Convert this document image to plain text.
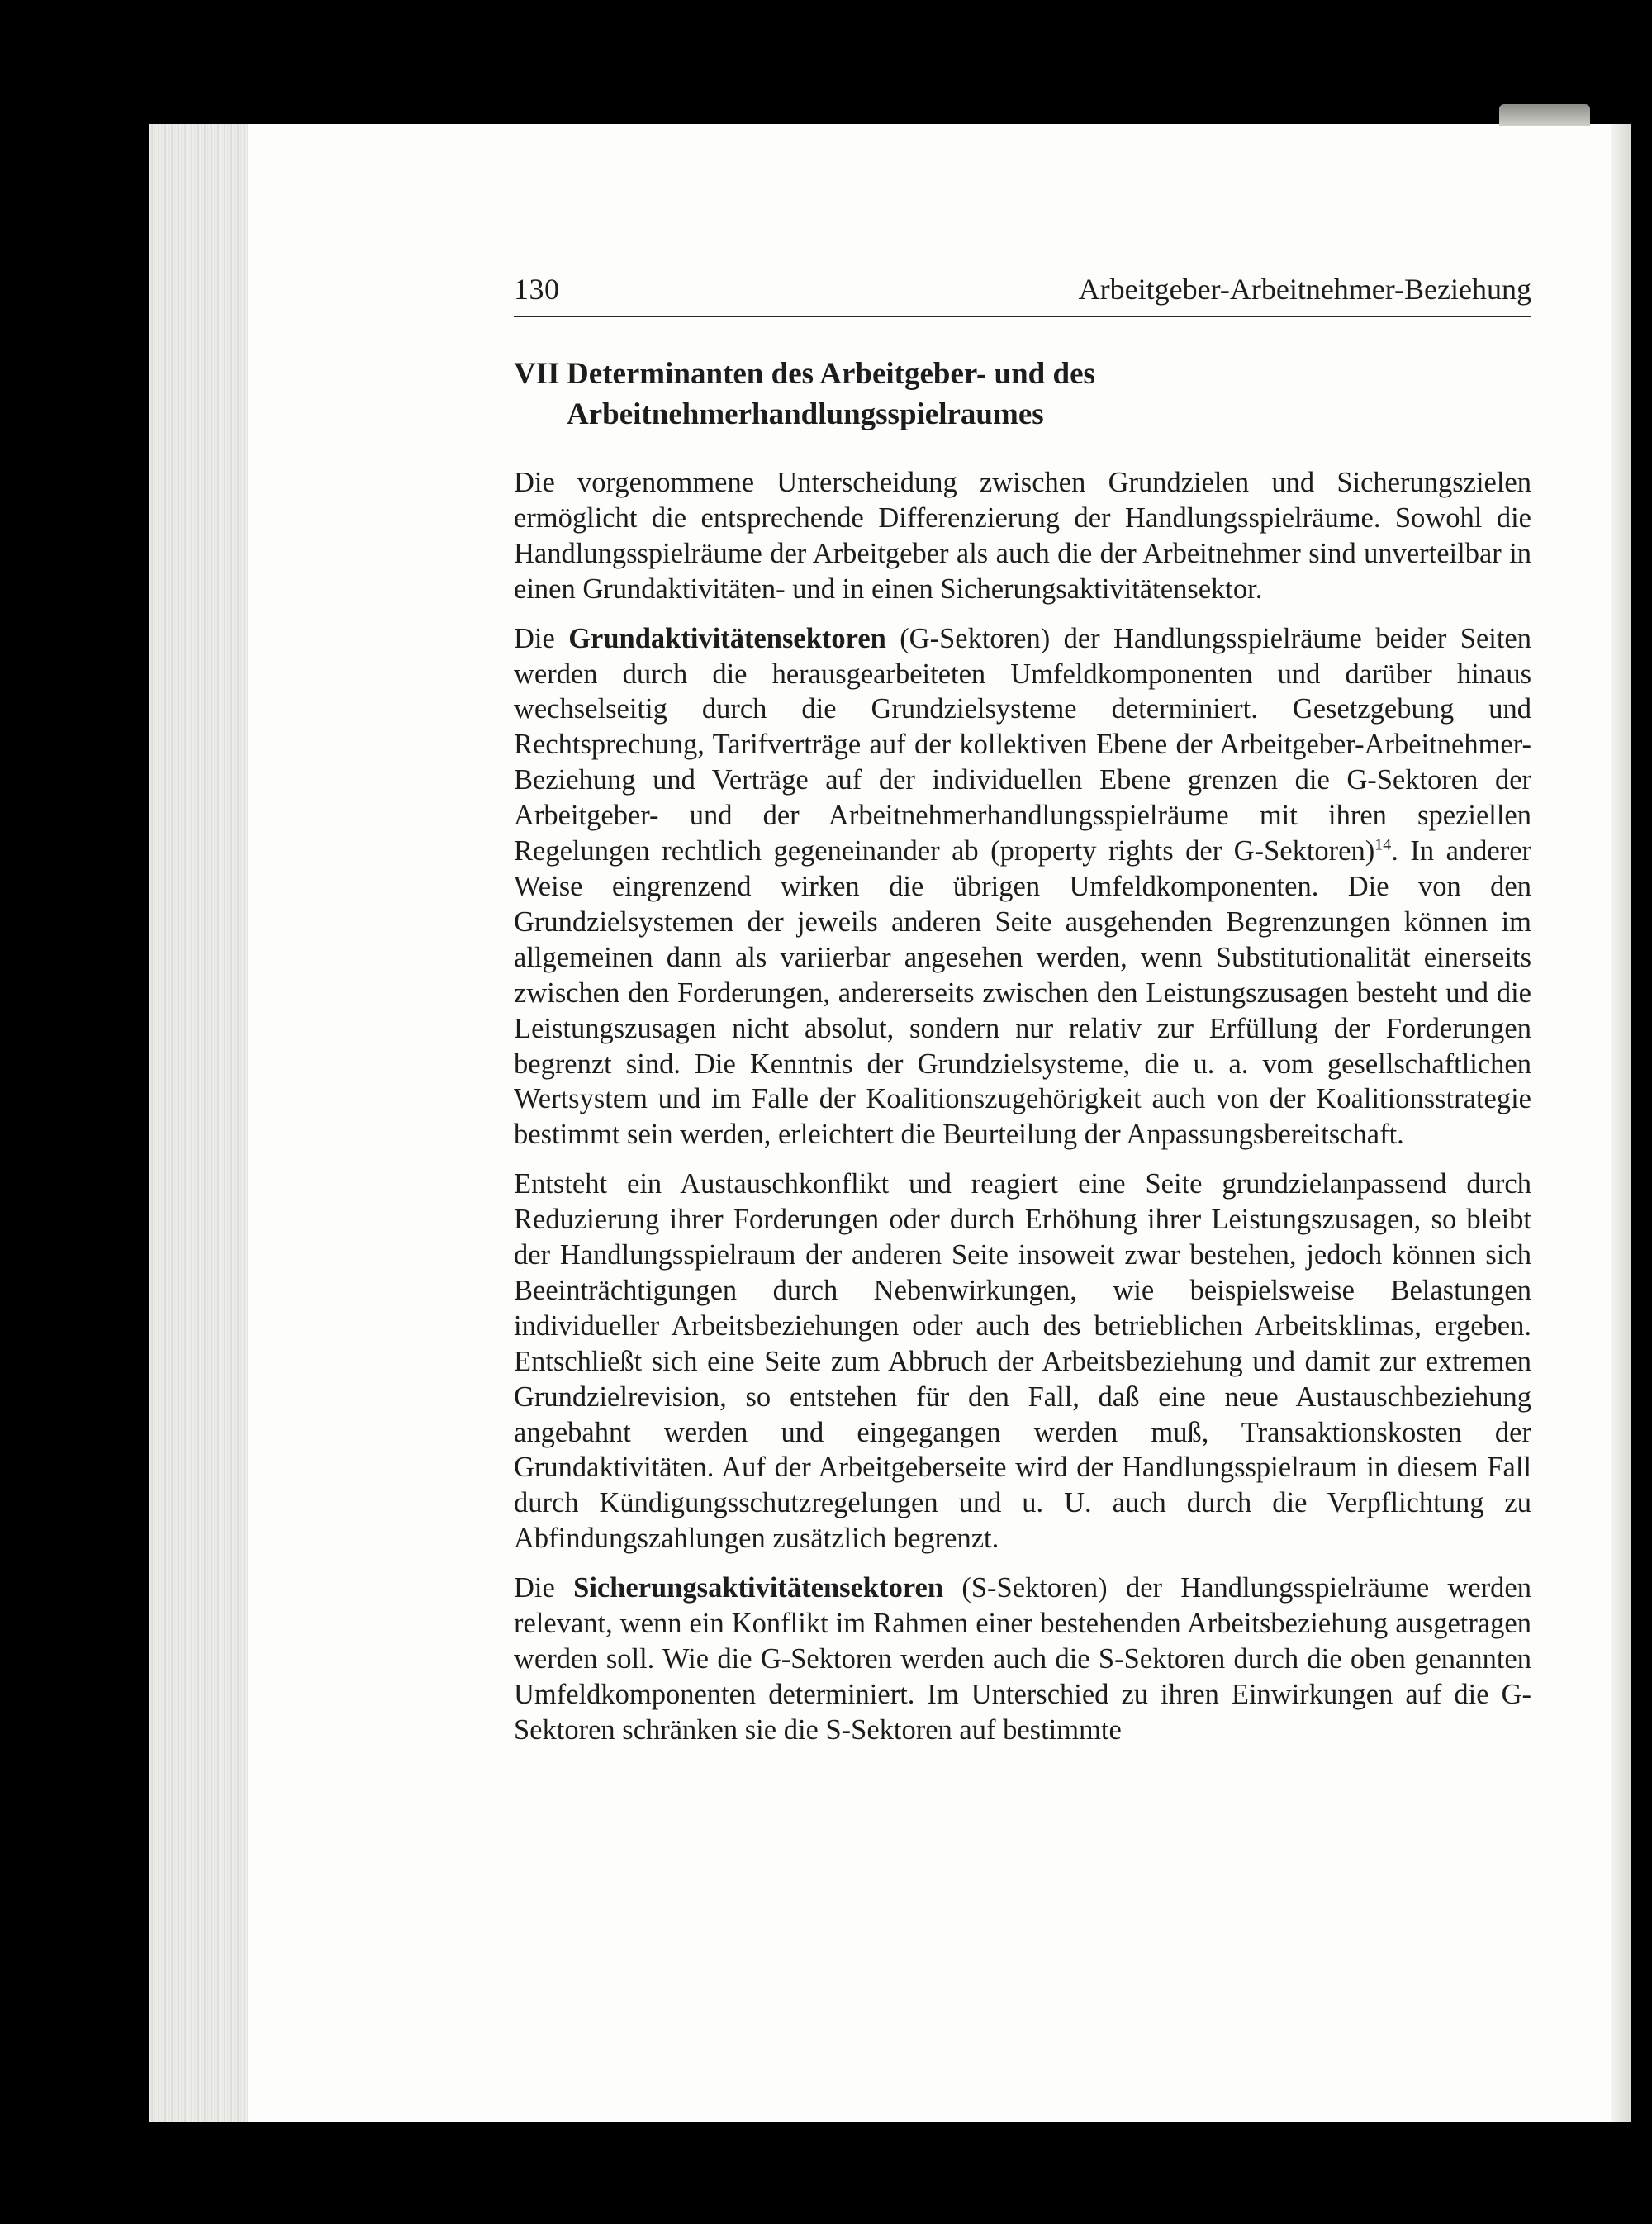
130	Arbeitgeber-Arbeitnehmer-Beziehung
VII Determinanten des Arbeitgeber- und des
Arbeitnehmerhandlungsspielraumes

Die vorgenommene Unterscheidung zwischen Grundzielen und Sicherungszielen ermöglicht die entsprechende Differenzierung der Handlungsspielräume. Sowohl die Handlungsspielräume der Arbeitgeber als auch die der Arbeitnehmer sind unverteilbar in einen Grundaktivitäten- und in einen Sicherungsaktivitätensektor.

Die Grundaktivitätensektoren (G-Sektoren) der Handlungsspielräume beider Seiten werden durch die herausgearbeiteten Umfeldkomponenten und darüber hinaus wechselseitig durch die Grundzielsysteme determiniert. Gesetzgebung und Rechtsprechung, Tarifverträge auf der kollektiven Ebene der Arbeitgeber-Arbeitnehmer-Beziehung und Verträge auf der individuellen Ebene grenzen die G-Sektoren der Arbeitgeber- und der Arbeitnehmerhandlungsspielräume mit ihren speziellen Regelungen rechtlich gegeneinander ab (property rights der G-Sektoren)$^{14}$. In anderer Weise eingrenzend wirken die übrigen Umfeldkomponenten. Die von den Grundzielsystemen der jeweils anderen Seite ausgehenden Begrenzungen können im allgemeinen dann als variierbar angesehen werden, wenn Substitutionalität einerseits zwischen den Forderungen, andererseits zwischen den Leistungszusagen besteht und die Leistungszusagen nicht absolut, sondern nur relativ zur Erfüllung der Forderungen begrenzt sind. Die Kenntnis der Grundzielsysteme, die u. a. vom gesellschaftlichen Wertsystem und im Falle der Koalitionszugehörigkeit auch von der Koalitionsstrategie bestimmt sein werden, erleichtert die Beurteilung der Anpassungsbereitschaft.

Entsteht ein Austauschkonflikt und reagiert eine Seite grundzielanpassend durch Reduzierung ihrer Forderungen oder durch Erhöhung ihrer Leistungszusagen, so bleibt der Handlungsspielraum der anderen Seite insoweit zwar bestehen, jedoch können sich Beeinträchtigungen durch Nebenwirkungen, wie beispielsweise Belastungen individueller Arbeitsbeziehungen oder auch des betrieblichen Arbeitsklimas, ergeben. Entschließt sich eine Seite zum Abbruch der Arbeitsbeziehung und damit zur extremen Grundzielrevision, so entstehen für den Fall, daß eine neue Austauschbeziehung angebahnt werden und eingegangen werden muß, Transaktionskosten der Grundaktivitäten. Auf der Arbeitgeberseite wird der Handlungsspielraum in diesem Fall durch Kündigungsschutzregelungen und u. U. auch durch die Verpflichtung zu Abfindungszahlungen zusätzlich begrenzt.

Die Sicherungsaktivitätensektoren (S-Sektoren) der Handlungsspielräume werden relevant, wenn ein Konflikt im Rahmen einer bestehenden Arbeitsbeziehung ausgetragen werden soll. Wie die G-Sektoren werden auch die S-Sektoren durch die oben genannten Umfeldkomponenten determiniert. Im Unterschied zu ihren Einwirkungen auf die G-Sektoren schränken sie die S-Sektoren auf bestimmte
